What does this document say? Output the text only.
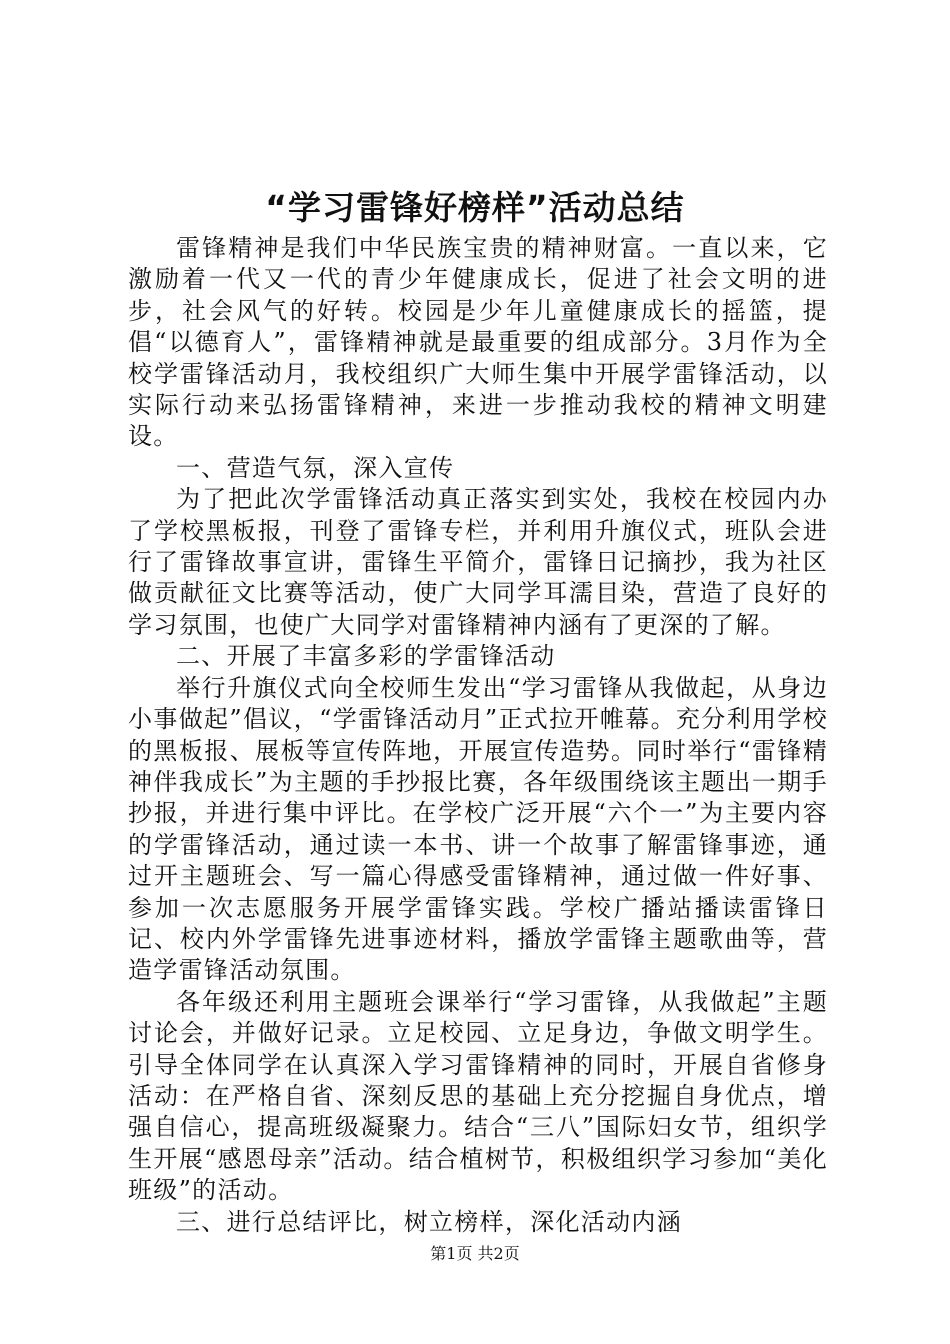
“学习雷锋好榜样”活动总结

雷锋精神是我们中华民族宝贵的精神财富。一直以来，它激励着一代又一代的青少年健康成长，促进了社会文明的进步，社会风气的好转。校园是少年儿童健康成长的摇篮，提倡“以德育人”，雷锋精神就是最重要的组成部分。3月作为全校学雷锋活动月，我校组织广大师生集中开展学雷锋活动，以实际行动来弘扬雷锋精神，来进一步推动我校的精神文明建设。

一、营造气氛，深入宣传

为了把此次学雷锋活动真正落实到实处，我校在校园内办了学校黑板报，刊登了雷锋专栏，并利用升旗仪式，班队会进行了雷锋故事宣讲，雷锋生平简介，雷锋日记摘抄，我为社区做贡献征文比赛等活动，使广大同学耳濡目染，营造了良好的学习氛围，也使广大同学对雷锋精神内涵有了更深的了解。

二、开展了丰富多彩的学雷锋活动

举行升旗仪式向全校师生发出“学习雷锋从我做起，从身边小事做起”倡议，“学雷锋活动月”正式拉开帷幕。充分利用学校的黑板报、展板等宣传阵地，开展宣传造势。同时举行“雷锋精神伴我成长”为主题的手抄报比赛，各年级围绕该主题出一期手抄报，并进行集中评比。在学校广泛开展“六个一”为主要内容的学雷锋活动，通过读一本书、讲一个故事了解雷锋事迹，通过开主题班会、写一篇心得感受雷锋精神，通过做一件好事、参加一次志愿服务开展学雷锋实践。学校广播站播读雷锋日记、校内外学雷锋先进事迹材料，播放学雷锋主题歌曲等，营造学雷锋活动氛围。

各年级还利用主题班会课举行“学习雷锋，从我做起”主题讨论会，并做好记录。立足校园、立足身边，争做文明学生。引导全体同学在认真深入学习雷锋精神的同时，开展自省修身活动：在严格自省、深刻反思的基础上充分挖掘自身优点，增强自信心，提高班级凝聚力。结合“三八”国际妇女节，组织学生开展“感恩母亲”活动。结合植树节，积极组织学习参加“美化班级”的活动。

三、进行总结评比，树立榜样，深化活动内涵

第1页 共2页
